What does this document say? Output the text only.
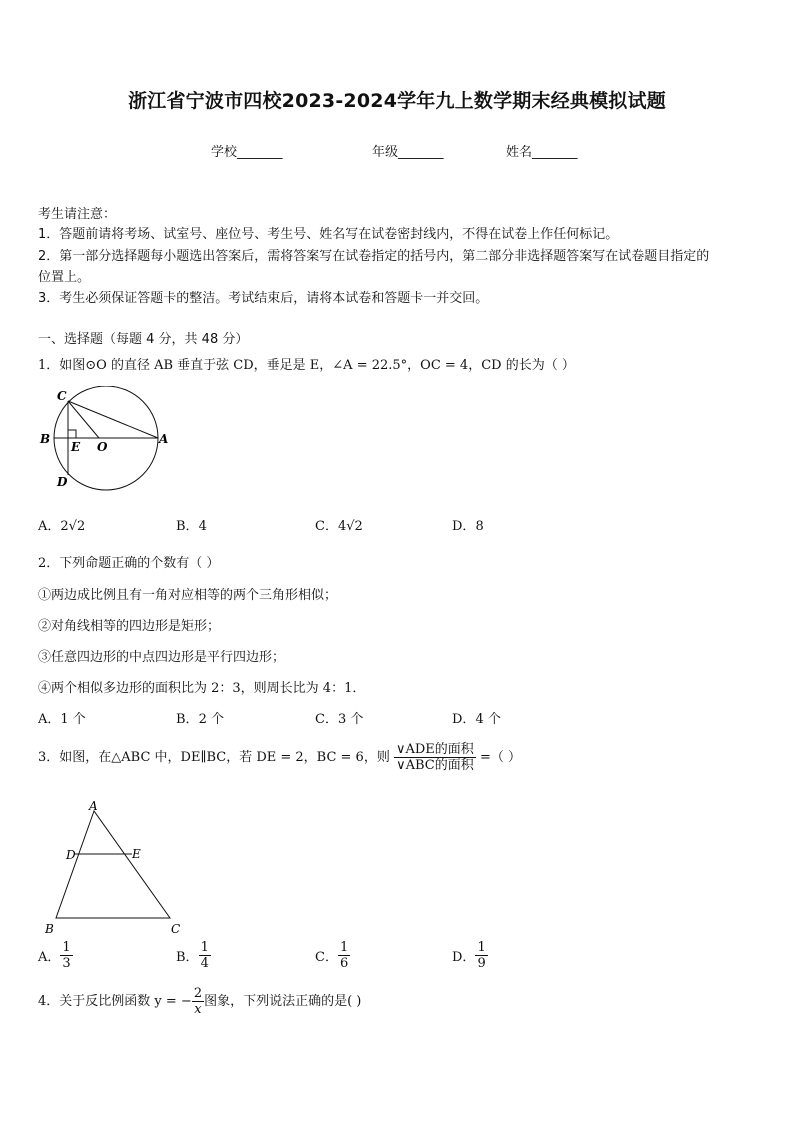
浙江省宁波市四校2023-2024学年九上数学期末经典模拟试题
学校_______	年级_______	姓名_______
考生请注意：
1．答题前请将考场、试室号、座位号、考生号、姓名写在试卷密封线内，不得在试卷上作任何标记。
2．第一部分选择题每小题选出答案后，需将答案写在试卷指定的括号内，第二部分非选择题答案写在试卷题目指定的
位置上。
3．考生必须保证答题卡的整洁。考试结束后，请将本试卷和答题卡一并交回。
一、选择题（每题 4 分，共 48 分）
1．如图⊙O 的直径 AB 垂直于弦 CD，垂足是 E，∠A = 22.5°，OC = 4，CD 的长为（ ）
C
B	A
E O
D
A．2√2	B．4	C．4√2	D．8
2．下列命题正确的个数有（ ）
①两边成比例且有一角对应相等的两个三角形相似；
②对角线相等的四边形是矩形；
③任意四边形的中点四边形是平行四边形；
④两个相似多边形的面积比为 2：3，则周长比为 4：1．
A．1 个	B．2 个	C．3 个	D．4 个
3．如图，在△ABC 中，DE∥BC，若 DE = 2，BC = 6，则 $\frac{\text{∨ADE的面积}}{\text{∨ABC的面积}}$ =（ ）
A
D	E
B	C
A． $\frac{1}{3}$	B． $\frac{1}{4}$	C． $\frac{1}{6}$	D． $\frac{1}{9}$
4．关于反比例函数 y = − $\frac{2}{x}$ 图象，下列说法正确的是( )
